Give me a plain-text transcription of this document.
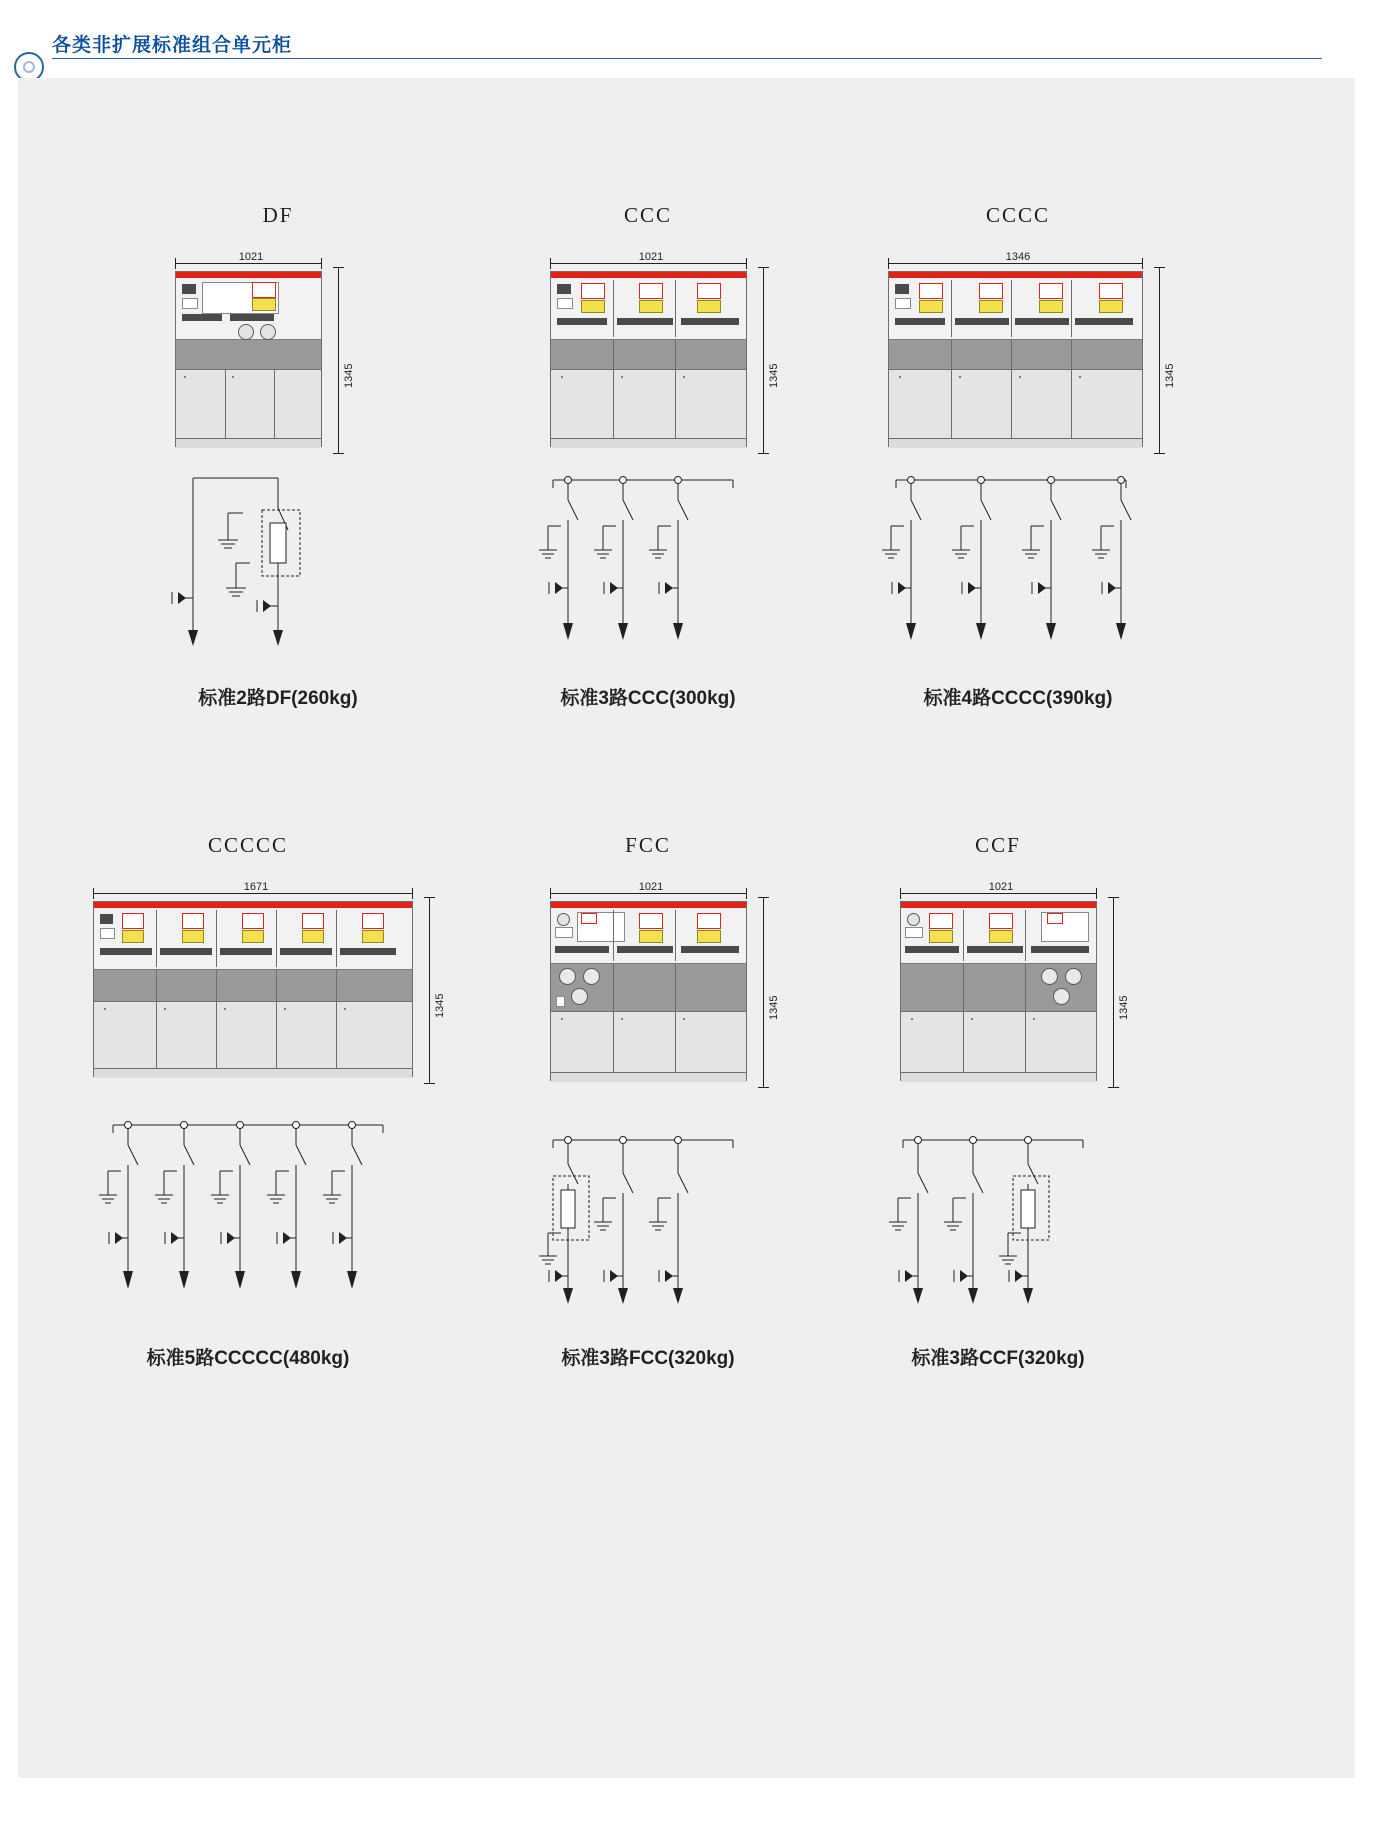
各类非扩展标准组合单元柜
DF
1021
1345
标准2路DF(260kg)
CCC
1021
1345
标准3路CCC(300kg)
CCCC
1346
1345
标准4路CCCC(390kg)
CCCCC
1671
1345
标准5路CCCCC(480kg)
FCC
1021
1345
标准3路FCC(320kg)
CCF
1021
1345
标准3路CCF(320kg)
